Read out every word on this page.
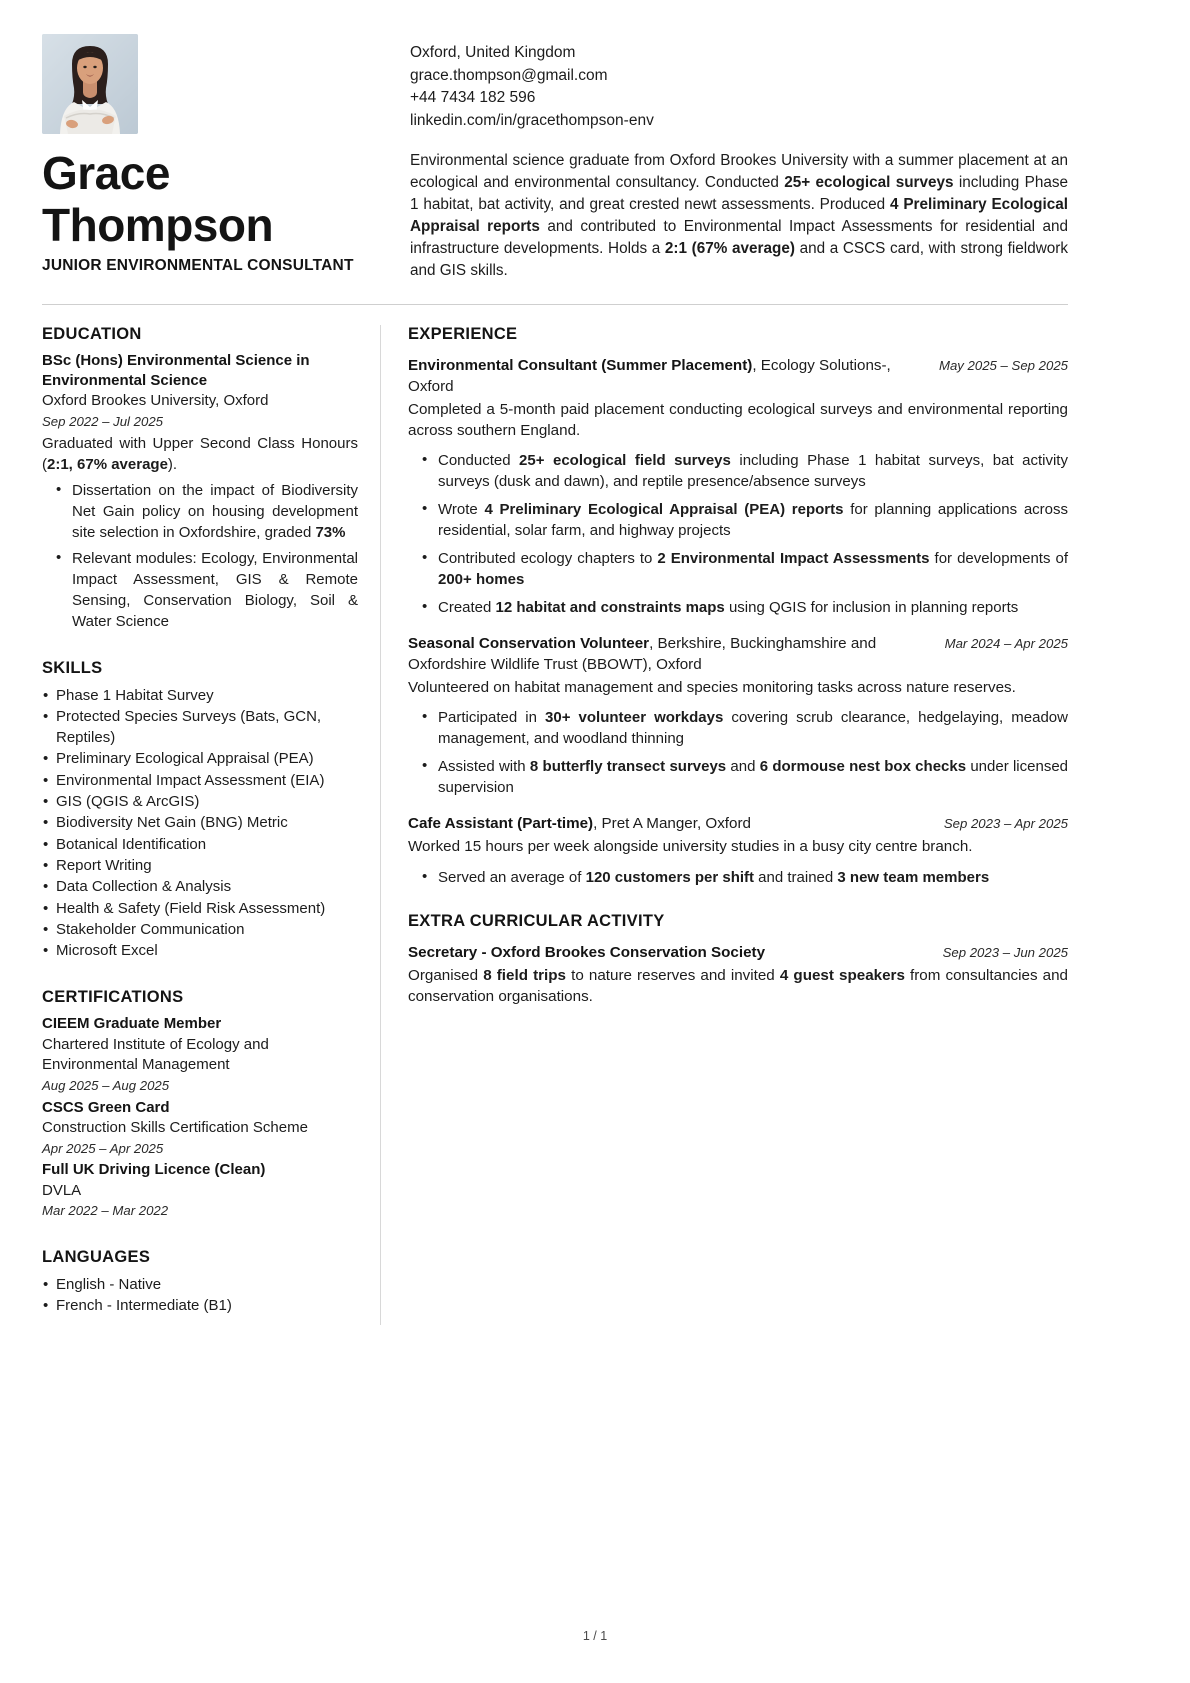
Grace
Thompson
JUNIOR ENVIRONMENTAL CONSULTANT
Oxford, United Kingdom
grace.thompson@gmail.com
+44 7434 182 596
linkedin.com/in/gracethompson-env
Environmental science graduate from Oxford Brookes University with a summer placement at an ecological and environmental consultancy. Conducted 25+ ecological surveys including Phase 1 habitat, bat activity, and great crested newt assessments. Produced 4 Preliminary Ecological Appraisal reports and contributed to Environmental Impact Assessments for residential and infrastructure developments. Holds a 2:1 (67% average) and a CSCS card, with strong fieldwork and GIS skills.
EDUCATION
BSc (Hons) Environmental Science in Environmental Science
Oxford Brookes University, Oxford
Sep 2022 – Jul 2025
Graduated with Upper Second Class Honours (2:1, 67% average).
• Dissertation on the impact of Biodiversity Net Gain policy on housing development site selection in Oxfordshire, graded 73%
• Relevant modules: Ecology, Environmental Impact Assessment, GIS & Remote Sensing, Conservation Biology, Soil & Water Science
SKILLS
• Phase 1 Habitat Survey
• Protected Species Surveys (Bats, GCN, Reptiles)
• Preliminary Ecological Appraisal (PEA)
• Environmental Impact Assessment (EIA)
• GIS (QGIS & ArcGIS)
• Biodiversity Net Gain (BNG) Metric
• Botanical Identification
• Report Writing
• Data Collection & Analysis
• Health & Safety (Field Risk Assessment)
• Stakeholder Communication
• Microsoft Excel
CERTIFICATIONS
CIEEM Graduate Member
Chartered Institute of Ecology and Environmental Management
Aug 2025 – Aug 2025
CSCS Green Card
Construction Skills Certification Scheme
Apr 2025 – Apr 2025
Full UK Driving Licence (Clean)
DVLA
Mar 2022 – Mar 2022
LANGUAGES
• English - Native
• French - Intermediate (B1)
EXPERIENCE
Environmental Consultant (Summer Placement), Ecology Solutions-, Oxford
May 2025 – Sep 2025
Completed a 5-month paid placement conducting ecological surveys and environmental reporting across southern England.
• Conducted 25+ ecological field surveys including Phase 1 habitat surveys, bat activity surveys (dusk and dawn), and reptile presence/absence surveys
• Wrote 4 Preliminary Ecological Appraisal (PEA) reports for planning applications across residential, solar farm, and highway projects
• Contributed ecology chapters to 2 Environmental Impact Assessments for developments of 200+ homes
• Created 12 habitat and constraints maps using QGIS for inclusion in planning reports
Seasonal Conservation Volunteer, Berkshire, Buckinghamshire and Oxfordshire Wildlife Trust (BBOWT), Oxford
Mar 2024 – Apr 2025
Volunteered on habitat management and species monitoring tasks across nature reserves.
• Participated in 30+ volunteer workdays covering scrub clearance, hedgelaying, meadow management, and woodland thinning
• Assisted with 8 butterfly transect surveys and 6 dormouse nest box checks under licensed supervision
Cafe Assistant (Part-time), Pret A Manger, Oxford	Sep 2023 – Apr 2025
Worked 15 hours per week alongside university studies in a busy city centre branch.
• Served an average of 120 customers per shift and trained 3 new team members
EXTRA CURRICULAR ACTIVITY
Secretary - Oxford Brookes Conservation Society	Sep 2023 – Jun 2025
Organised 8 field trips to nature reserves and invited 4 guest speakers from consultancies and conservation organisations.
1 / 1
